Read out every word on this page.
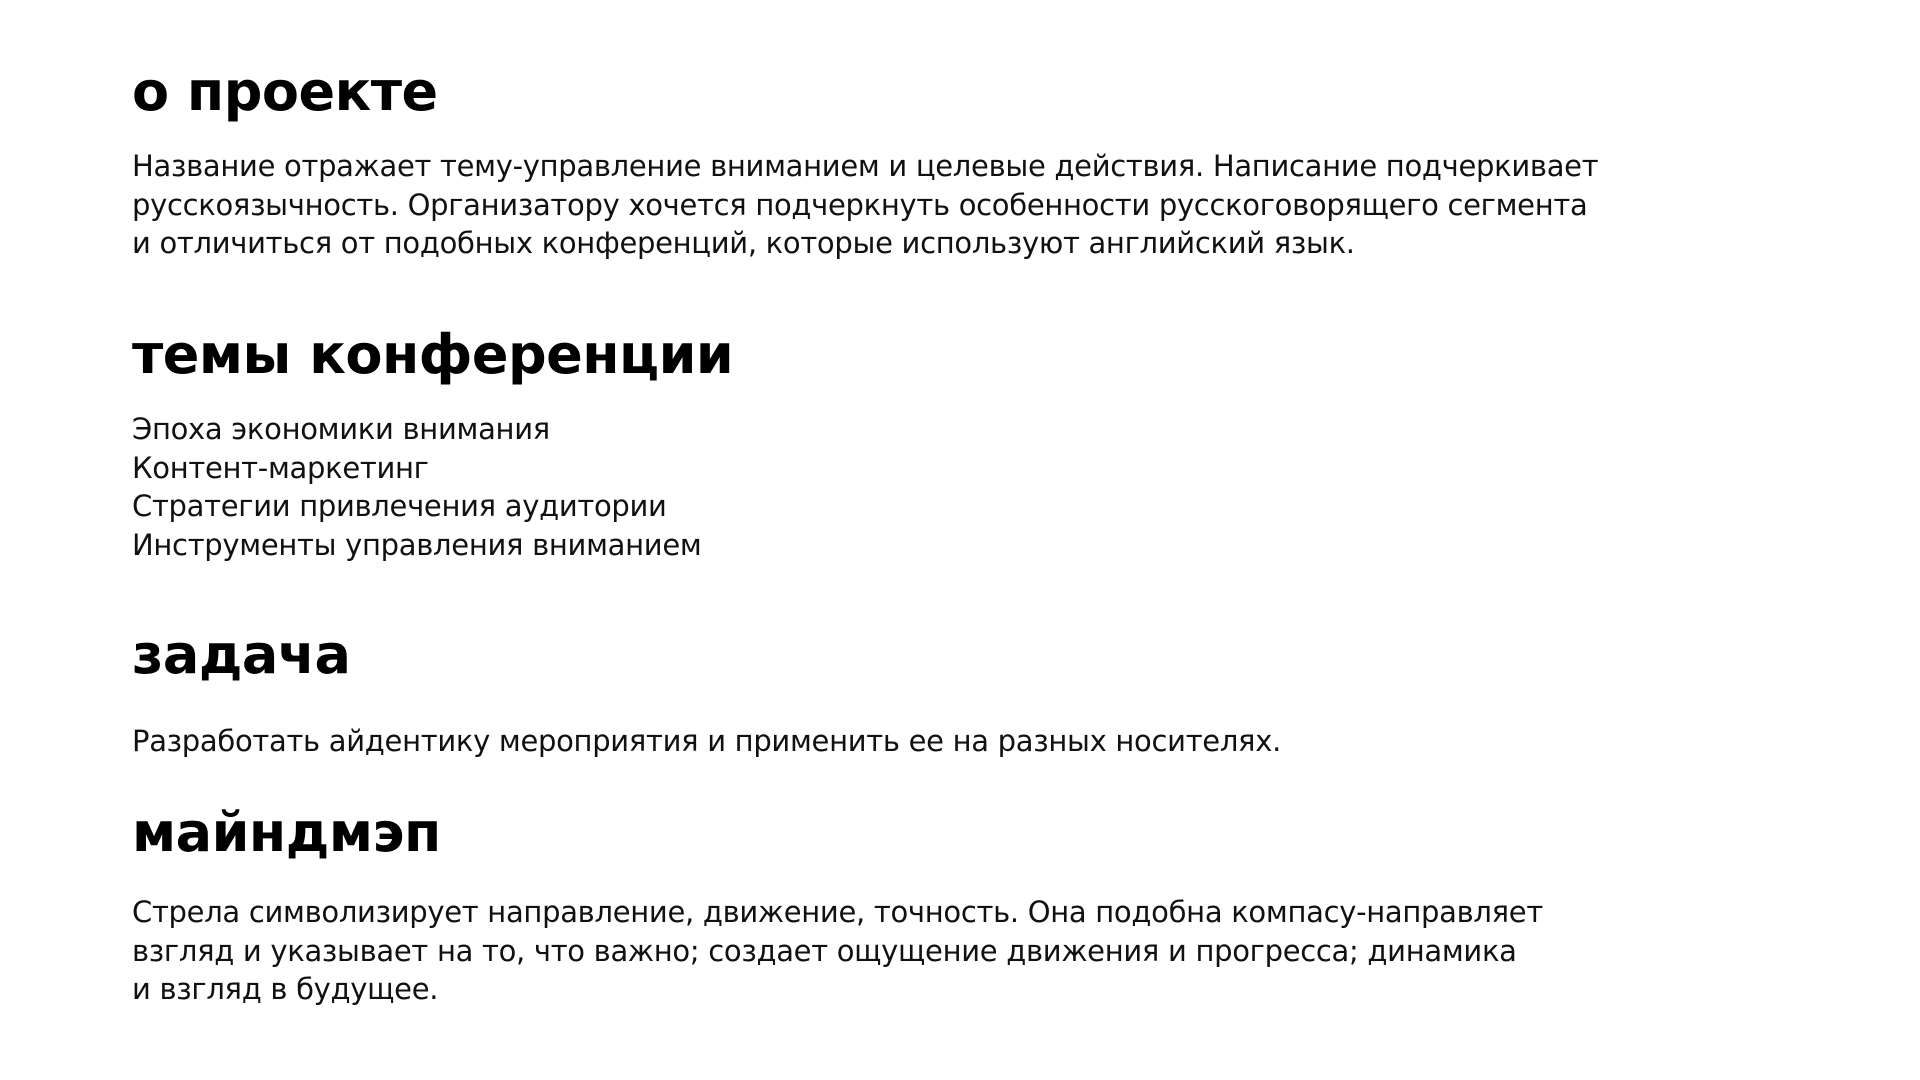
о проекте

Название отражает тему-управление вниманием и целевые действия. Написание подчеркивает
русскоязычность. Организатору хочется подчеркнуть особенности русскоговорящего сегмента
и отличиться от подобных конференций, которые используют английский язык.

темы конференции

Эпоха экономики внимания
Контент-маркетинг
Стратегии привлечения аудитории
Инструменты управления вниманием

задача

Разработать айдентику мероприятия и применить ее на разных носителях.

майндмэп

Стрела символизирует направление, движение, точность. Она подобна компасу-направляет
взгляд и указывает на то, что важно; создает ощущение движения и прогресса; динамика
и взгляд в будущее.
